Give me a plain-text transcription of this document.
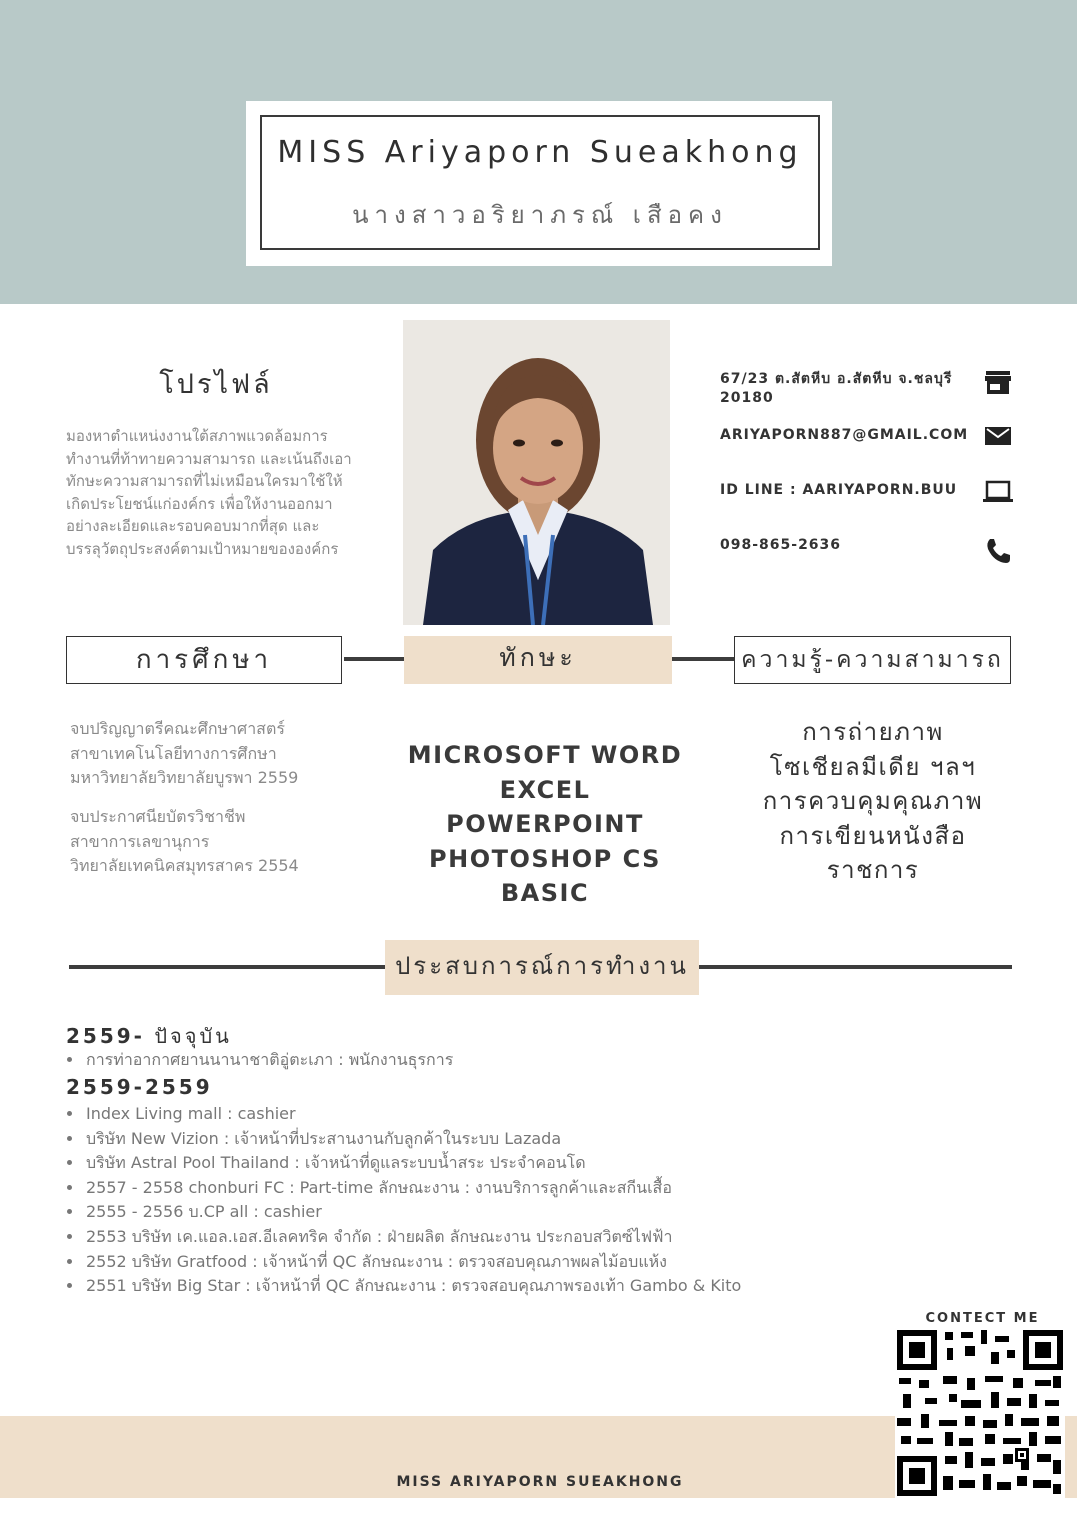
MISS Ariyaporn Sueakhong
นางสาวอริยาภรณ์ เสือคง
โปรไฟล์
มองหาตำแหน่งงานใต้สภาพแวดล้อมการ
ทำงานที่ท้าทายความสามารถ และเน้นถึงเอา
ทักษะความสามารถที่ไม่เหมือนใครมาใช้ให้
เกิดประโยชน์แก่องค์กร เพื่อให้งานออกมา
อย่างละเอียดและรอบคอบมากที่สุด และ
บรรลุวัตถุประสงค์ตามเป้าหมายขององค์กร
67/23 ต.สัตหีบ อ.สัตหีบ จ.ชลบุรี
20180
ARIYAPORN887@GMAIL.COM
ID LINE : AARIYAPORN.BUU
098-865-2636
การศึกษา	ทักษะ	ความรู้-ความสามารถ
จบปริญญาตรีคณะศึกษาศาสตร์
สาขาเทคโนโลยีทางการศึกษา
มหาวิทยาลัยวิทยาลัยบูรพา 2559
จบประกาศนียบัตรวิชาชีพ
สาขาการเลขานุการ
วิทยาลัยเทคนิคสมุทรสาคร 2554
MICROSOFT WORD
EXCEL POWERPOINT
PHOTOSHOP CS
BASIC
การถ่ายภาพ
โซเชียลมีเดีย ฯลฯ
การควบคุมคุณภาพ
การเขียนหนังสือราชการ
ประสบการณ์การทำงาน
2559- ปัจจุบัน
• การท่าอากาศยานนานาชาติอู่ตะเภา : พนักงานธุรการ
2559-2559
• Index Living mall : cashier
• บริษัท New Vizion : เจ้าหน้าที่ประสานงานกับลูกค้าในระบบ Lazada
• บริษัท Astral Pool Thailand : เจ้าหน้าที่ดูแลระบบน้ำสระ ประจำคอนโด
• 2557 - 2558 chonburi FC : Part-time ลักษณะงาน : งานบริการลูกค้าและสกีนเสื้อ
• 2555 - 2556 บ.CP all : cashier
• 2553 บริษัท เค.แอล.เอส.อีเลคทริค จำกัด : ฝ่ายผลิต ลักษณะงาน ประกอบสวิตซ์ไฟฟ้า
• 2552 บริษัท Gratfood : เจ้าหน้าที่ QC ลักษณะงาน : ตรวจสอบคุณภาพผลไม้อบแห้ง
• 2551 บริษัท Big Star : เจ้าหน้าที่ QC ลักษณะงาน : ตรวจสอบคุณภาพรองเท้า Gambo & Kito
MISS ARIYAPORN SUEAKHONG
CONTECT ME
